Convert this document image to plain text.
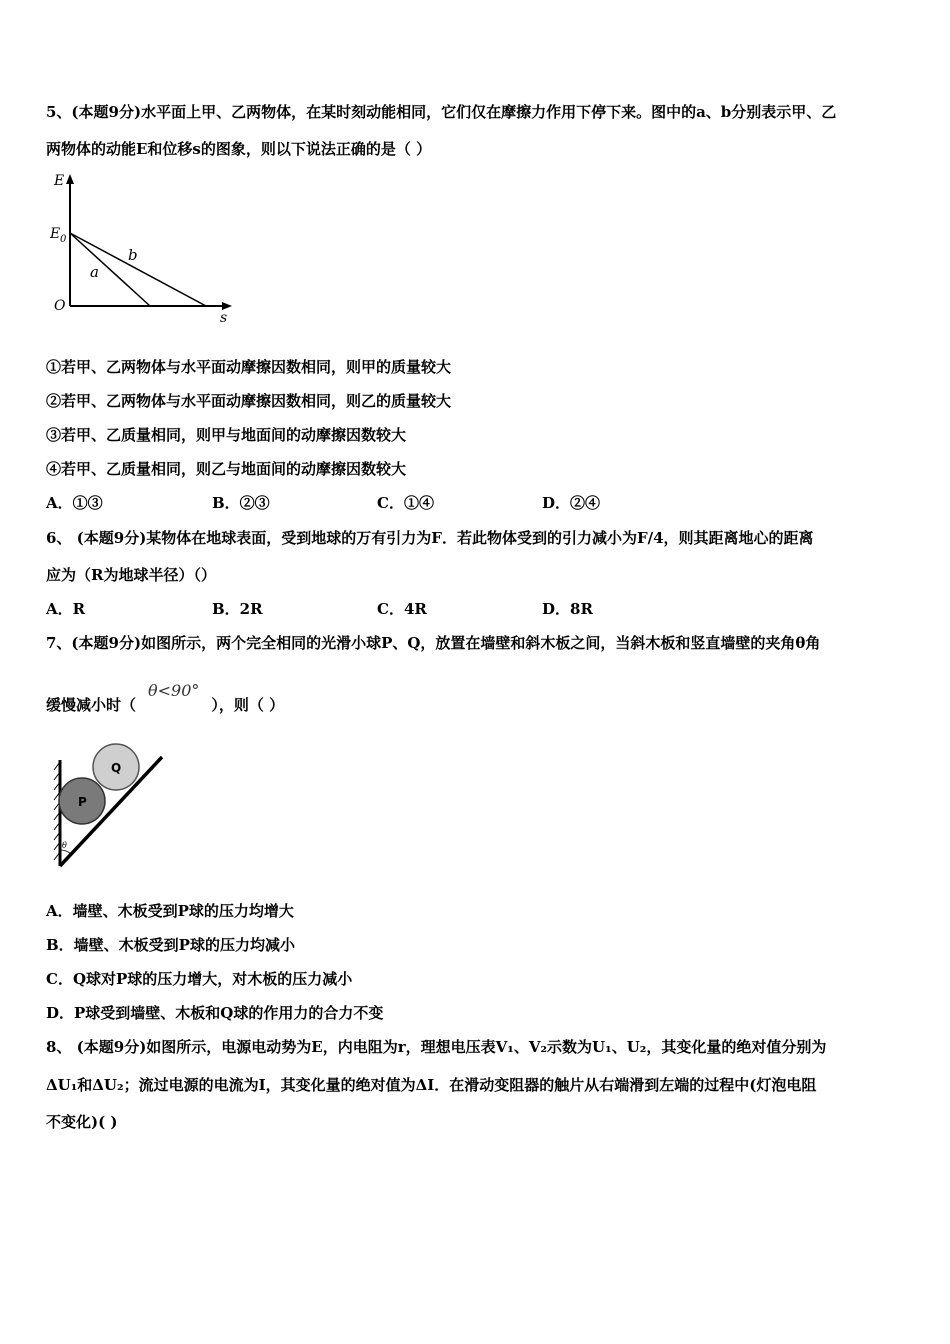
5、(本题9分)水平面上甲、乙两物体，在某时刻动能相同，它们仅在摩擦力作用下停下来。图中的a、b分别表示甲、乙
两物体的动能E和位移s的图象，则以下说法正确的是（ ）
E
E 0
O
s
a
b
①若甲、乙两物体与水平面动摩擦因数相同，则甲的质量较大
②若甲、乙两物体与水平面动摩擦因数相同，则乙的质量较大
③若甲、乙质量相同，则甲与地面间的动摩擦因数较大
④若甲、乙质量相同，则乙与地面间的动摩擦因数较大
A．①③	B．②③	C．①④	D．②④
6、 (本题9分)某物体在地球表面，受到地球的万有引力为F．若此物体受到的引力减小为F/4，则其距离地心的距离
应为（R为地球半径）（）
A．R	B．2R	C．4R	D．8R
7、(本题9分)如图所示，两个完全相同的光滑小球P、Q，放置在墙壁和斜木板之间，当斜木板和竖直墙壁的夹角θ角
缓慢减小时（θ<90°），则（ ）
P
Q
θ
A．墙壁、木板受到P球的压力均增大
B．墙壁、木板受到P球的压力均减小
C．Q球对P球的压力增大，对木板的压力减小
D．P球受到墙壁、木板和Q球的作用力的合力不变
8、 (本题9分)如图所示，电源电动势为E，内电阻为r，理想电压表V₁、V₂示数为U₁、U₂，其变化量的绝对值分别为
ΔU₁和ΔU₂；流过电源的电流为I，其变化量的绝对值为ΔI．在滑动变阻器的触片从右端滑到左端的过程中(灯泡电阻
不变化)( )
